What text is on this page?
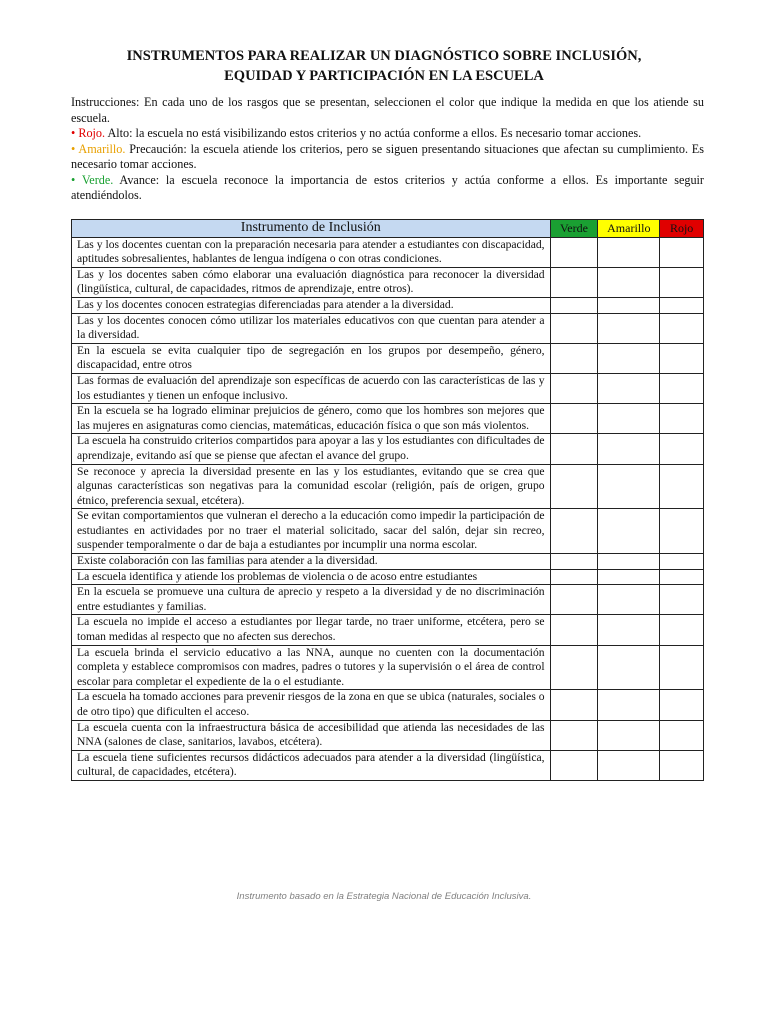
INSTRUMENTOS PARA REALIZAR UN DIAGNÓSTICO SOBRE INCLUSIÓN,
EQUIDAD Y PARTICIPACIÓN EN LA ESCUELA

Instrucciones: En cada uno de los rasgos que se presentan, seleccionen el color que indique la medida en que los atiende su escuela.

• Rojo. Alto: la escuela no está visibilizando estos criterios y no actúa conforme a ellos. Es necesario tomar acciones.

• Amarillo. Precaución: la escuela atiende los criterios, pero se siguen presentando situaciones que afectan su cumplimiento. Es necesario tomar acciones.

• Verde. Avance: la escuela reconoce la importancia de estos criterios y actúa conforme a ellos. Es importante seguir atendiéndolos.

Instrumento de Inclusión	Verde	Amarillo	Rojo
Las y los docentes cuentan con la preparación necesaria para atender a estudiantes con discapacidad, aptitudes sobresalientes, hablantes de lengua indígena o con otras condiciones.			
Las y los docentes saben cómo elaborar una evaluación diagnóstica para reconocer la diversidad (lingüística, cultural, de capacidades, ritmos de aprendizaje, entre otros).			
Las y los docentes conocen estrategias diferenciadas para atender a la diversidad.			
Las y los docentes conocen cómo utilizar los materiales educativos con que cuentan para atender a la diversidad.			
En la escuela se evita cualquier tipo de segregación en los grupos por desempeño, género, discapacidad, entre otros			
Las formas de evaluación del aprendizaje son específicas de acuerdo con las características de las y los estudiantes y tienen un enfoque inclusivo.			
En la escuela se ha logrado eliminar prejuicios de género, como que los hombres son mejores que las mujeres en asignaturas como ciencias, matemáticas, educación física o que son más violentos.			
La escuela ha construido criterios compartidos para apoyar a las y los estudiantes con dificultades de aprendizaje, evitando así que se piense que afectan el avance del grupo.			
Se reconoce y aprecia la diversidad presente en las y los estudiantes, evitando que se crea que algunas características son negativas para la comunidad escolar (religión, país de origen, grupo étnico, preferencia sexual, etcétera).			
Se evitan comportamientos que vulneran el derecho a la educación como impedir la participación de estudiantes en actividades por no traer el material solicitado, sacar del salón, dejar sin recreo, suspender temporalmente o dar de baja a estudiantes por incumplir una norma escolar.			
Existe colaboración con las familias para atender a la diversidad.			
La escuela identifica y atiende los problemas de violencia o de acoso entre estudiantes			
En la escuela se promueve una cultura de aprecio y respeto a la diversidad y de no discriminación entre estudiantes y familias.			
La escuela no impide el acceso a estudiantes por llegar tarde, no traer uniforme, etcétera, pero se toman medidas al respecto que no afecten sus derechos.			
La escuela brinda el servicio educativo a las NNA, aunque no cuenten con la documentación completa y establece compromisos con madres, padres o tutores y la supervisión o el área de control escolar para completar el expediente de la o el estudiante.			
La escuela ha tomado acciones para prevenir riesgos de la zona en que se ubica (naturales, sociales o de otro tipo) que dificulten el acceso.			
La escuela cuenta con la infraestructura básica de accesibilidad que atienda las necesidades de las NNA (salones de clase, sanitarios, lavabos, etcétera).			
La escuela tiene suficientes recursos didácticos adecuados para atender a la diversidad (lingüística, cultural, de capacidades, etcétera).			
Instrumento basado en la Estrategia Nacional de Educación Inclusiva.
